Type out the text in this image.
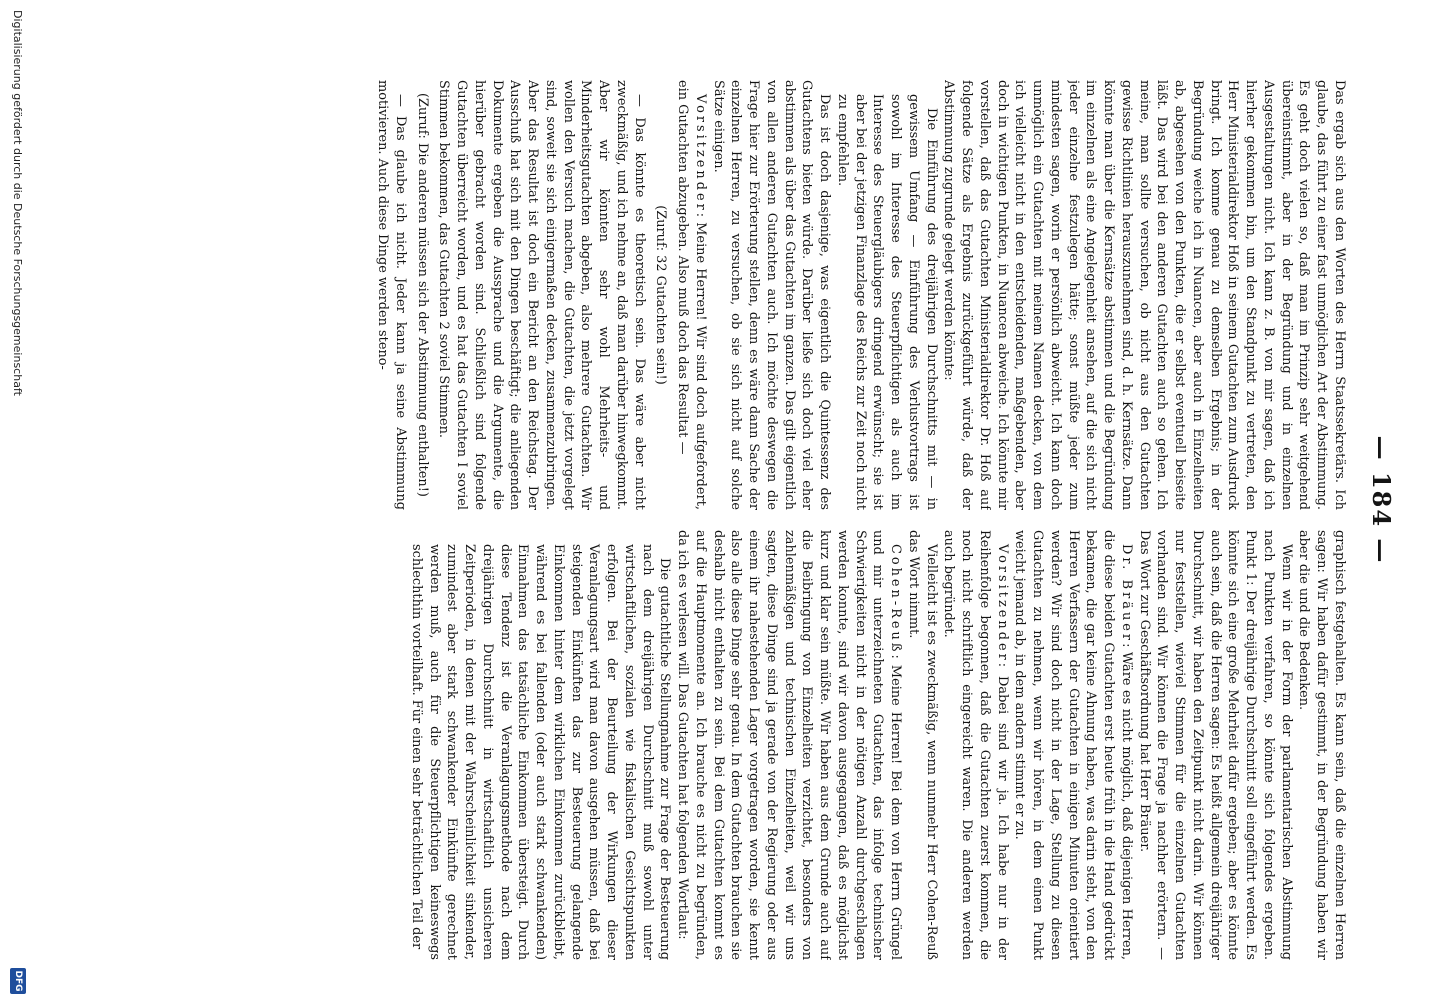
— 184 —

Das ergab sich aus den Worten des Herrn Staatssekretärs. Ich glaube, das führt zu einer fast unmöglichen Art der Abstimmung. Es geht doch vielen so, daß man im Prinzip sehr weitgehend übereinstimmt, aber in der Begründung und in einzelnen Ausgestaltungen nicht. Ich kann z. B. von mir sagen, daß ich hierher gekommen bin, um den Standpunkt zu vertreten, den Herr Ministerialdirektor Hoß in seinem Gutachten zum Ausdruck bringt. Ich komme genau zu demselben Ergebnis; in der Begründung weiche ich in Nuancen, aber auch in Einzelheiten ab, abgesehen von den Punkten, die er selbst eventuell beiseite läßt. Das wird bei den anderen Gutachten auch so gehen. Ich meine, man sollte versuchen, ob nicht aus den Gutachten gewisse Richtlinien herauszunehmen sind, d. h. Kernsätze. Dann könnte man über die Kernsätze abstimmen und die Begründung im einzelnen als eine Angelegenheit ansehen, auf die sich nicht jeder einzelne festzulegen hätte; sonst müßte jeder zum mindesten sagen, worin er persönlich abweicht. Ich kann doch unmöglich ein Gutachten mit meinem Namen decken, von dem ich vielleicht nicht in den entscheidenden, maßgebenden, aber doch in wichtigen Punkten, in Nuancen abweiche. Ich könnte mir vorstellen, daß das Gutachten Ministerialdirektor Dr. Hoß auf folgende Sätze als Ergebnis zurückgeführt würde, daß der Abstimmung zugrunde gelegt werden könnte:

Die Einführung des dreijährigen Durchschnitts mit — in gewissem Umfang — Einführung des Verlustvortrags ist sowohl im Interesse des Steuerpflichtigen als auch im Interesse des Steuergläubigers dringend erwünscht; sie ist aber bei der jetzigen Finanzlage des Reichs zur Zeit noch nicht zu empfehlen.

Das ist doch dasjenige, was eigentlich die Quintessenz des Gutachtens bieten würde. Darüber ließe sich doch viel eher abstimmen als über das Gutachten im ganzen. Das gilt eigentlich von allen anderen Gutachten auch. Ich möchte deswegen die Frage hier zur Erörterung stellen, denn es wäre dann Sache der einzelnen Herren, zu versuchen, ob sie sich nicht auf solche Sätze einigen.

Vorsitzender: Meine Herren! Wir sind doch aufgefordert, ein Gutachten abzugeben. Also muß doch das Resultat —

(Zuruf: 32 Gutachten sein!)

— Das könnte es theoretisch sein. Das wäre aber nicht zweckmäßig, und ich nehme an, daß man darüber hinwegkommt. Aber wir könnten sehr wohl Mehrheits- und Minderheitsgutachten abgeben, also mehrere Gutachten. Wir wollen den Versuch machen, die Gutachten, die jetzt vorgelegt sind, soweit sie sich einigermaßen decken, zusammenzubringen. Aber das Resultat ist doch ein Bericht an den Reichstag. Der Ausschuß hat sich mit den Dingen beschäftigt; die anliegenden Dokumente ergeben die Aussprache und die Argumente, die hierüber gebracht worden sind. Schließlich sind folgende Gutachten überreicht worden, und es hat das Gutachten I soviel Stimmen bekommen, das Gutachten 2 soviel Stimmen.

(Zuruf: Die anderen müssen sich der Abstimmung enthalten!)

— Das glaube ich nicht. Jeder kann ja seine Abstimmung motivieren. Auch diese Dinge werden steno-

graphisch festgehalten. Es kann sein, daß die einzelnen Herren sagen: Wir haben dafür gestimmt, in der Begründung haben wir aber die und die Bedenken.

Wenn wir in der Form der parlamentarischen Abstimmung nach Punkten verfahren, so könnte sich folgendes ergeben. Punkt 1: Der dreijährige Durchschnitt soll eingeführt werden. Es könnte sich eine große Mehrheit dafür ergeben; aber es könnte auch sein, daß die Herren sagen: Es heißt allgemein dreijähriger Durchschnitt, wir haben den Zeitpunkt nicht darin. Wir können nur feststellen, wieviel Stimmen für die einzelnen Gutachten vorhanden sind. Wir können die Frage ja nachher erörtern. — Das Wort zur Geschäftsordnung hat Herr Bräuer.

Dr. Bräuer: Wäre es nicht möglich, daß diejenigen Herren, die diese beiden Gutachten erst heute früh in die Hand gedrückt bekamen, die gar keine Ahnung haben, was darin steht, von den Herren Verfassern der Gutachten in einigen Minuten orientiert werden? Wir sind doch nicht in der Lage, Stellung zu diesen Gutachten zu nehmen, wenn wir hören, in dem einen Punkt weicht jemand ab, in dem andern stimmt er zu.

Vorsitzender: Dabei sind wir ja. Ich habe nur in der Reihenfolge begonnen, daß die Gutachten zuerst kommen, die noch nicht schriftlich eingereicht waren. Die anderen werden auch begründet.

Vielleicht ist es zweckmäßig, wenn nunmehr Herr Cohen-Reuß das Wort nimmt.

Cohen-Reuß: Meine Herren! Bei dem von Herrn Grüngel und mir unterzeichneten Gutachten, das infolge technischer Schwierigkeiten nicht in der nötigen Anzahl durchgeschlagen werden konnte, sind wir davon ausgegangen, daß es möglichst kurz und klar sein müßte. Wir haben aus dem Grunde auch auf die Beibringung von Einzelheiten verzichtet, besonders von zahlenmäßigen und technischen Einzelheiten, weil wir uns sagten, diese Dinge sind ja gerade von der Regierung oder aus einem ihr nahestehenden Lager vorgetragen worden, sie kennt also alle diese Dinge sehr genau. In dem Gutachten brauchen sie deshalb nicht enthalten zu sein. Bei dem Gutachten kommt es auf die Hauptmomente an. Ich brauche es nicht zu begründen, da ich es verlesen will. Das Gutachten hat folgenden Wortlaut:

Die gutachtliche Stellungnahme zur Frage der Besteuerung nach dem dreijährigen Durchschnitt muß sowohl unter wirtschaftlichen, sozialen wie fiskalischen Gesichtspunkten erfolgen. Bei der Beurteilung der Wirkungen dieser Veranlagungsart wird man davon ausgehen müssen, daß bei steigenden Einkünften das zur Besteuerung gelangende Einkommen hinter dem wirklichen Einkommen zurückbleibt, während es bei fallenden (oder auch stark schwankenden) Einnahmen das tatsächliche Einkommen übersteigt. Durch diese Tendenz ist die Veranlagungsmethode nach dem dreijährigen Durchschnitt in wirtschaftlich unsicheren Zeitperioden, in denen mit der Wahrscheinlichkeit sinkender, zumindest aber stark schwankender Einkünfte gerechnet werden muß, auch für die Steuerpflichtigen keineswegs schlechthin vorteilhaft. Für einen sehr beträchtlichen Teil der

Digitalisierung gefördert durch die Deutsche Forschungsgemeinschaft
DFG
